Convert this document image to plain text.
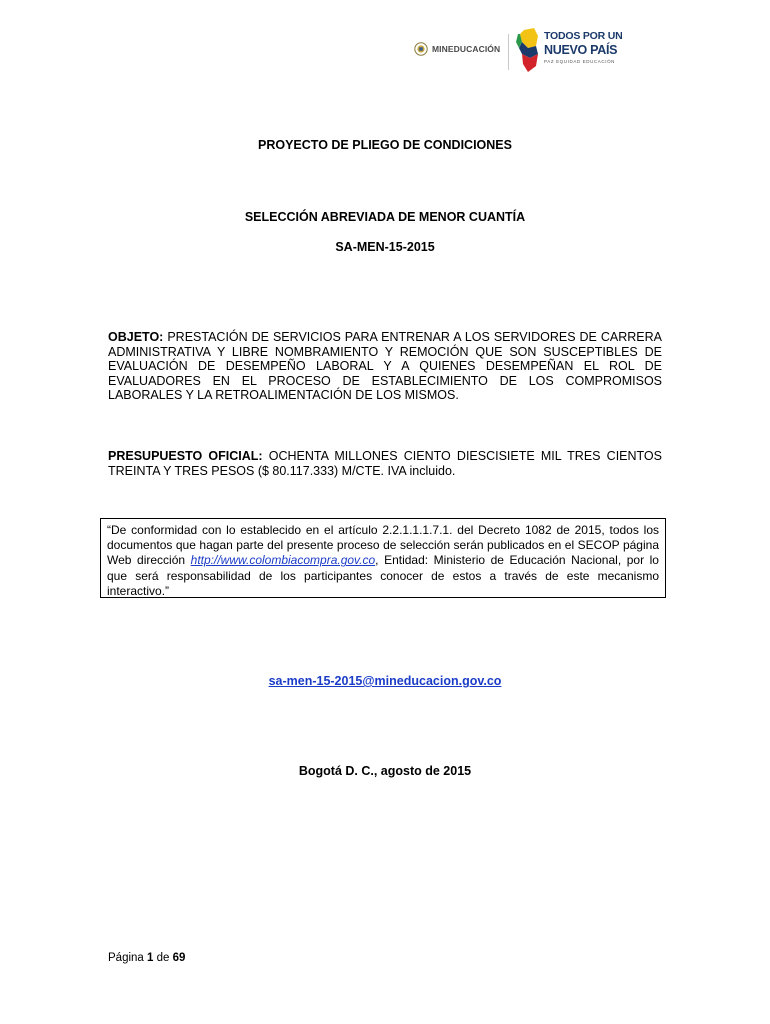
MINEDUCACIÓN
TODOS POR UN
NUEVO PAÍS
PAZ EQUIDAD EDUCACIÓN
PROYECTO DE PLIEGO DE CONDICIONES
SELECCIÓN ABREVIADA DE MENOR CUANTÍA
SA-MEN-15-2015
OBJETO: PRESTACIÓN DE SERVICIOS PARA ENTRENAR A LOS SERVIDORES DE CARRERA ADMINISTRATIVA Y LIBRE NOMBRAMIENTO Y REMOCIÓN QUE SON SUSCEPTIBLES DE EVALUACIÓN DE DESEMPEÑO LABORAL Y A QUIENES DESEMPEÑAN EL ROL DE EVALUADORES EN EL PROCESO DE ESTABLECIMIENTO DE LOS COMPROMISOS LABORALES Y LA RETROALIMENTACIÓN DE LOS MISMOS.
PRESUPUESTO OFICIAL: OCHENTA MILLONES CIENTO DIESCISIETE MIL TRES CIENTOS TREINTA Y TRES PESOS ($ 80.117.333) M/CTE. IVA incluido.
“De conformidad con lo establecido en el artículo 2.2.1.1.1.7.1. del Decreto 1082 de 2015, todos los documentos que hagan parte del presente proceso de selección serán publicados en el SECOP página Web dirección http://www.colombiacompra.gov.co, Entidad: Ministerio de Educación Nacional, por lo que será responsabilidad de los participantes conocer de estos a través de este mecanismo interactivo.”
sa-men-15-2015@mineducacion.gov.co
Bogotá D. C., agosto de 2015
Página 1 de 69
